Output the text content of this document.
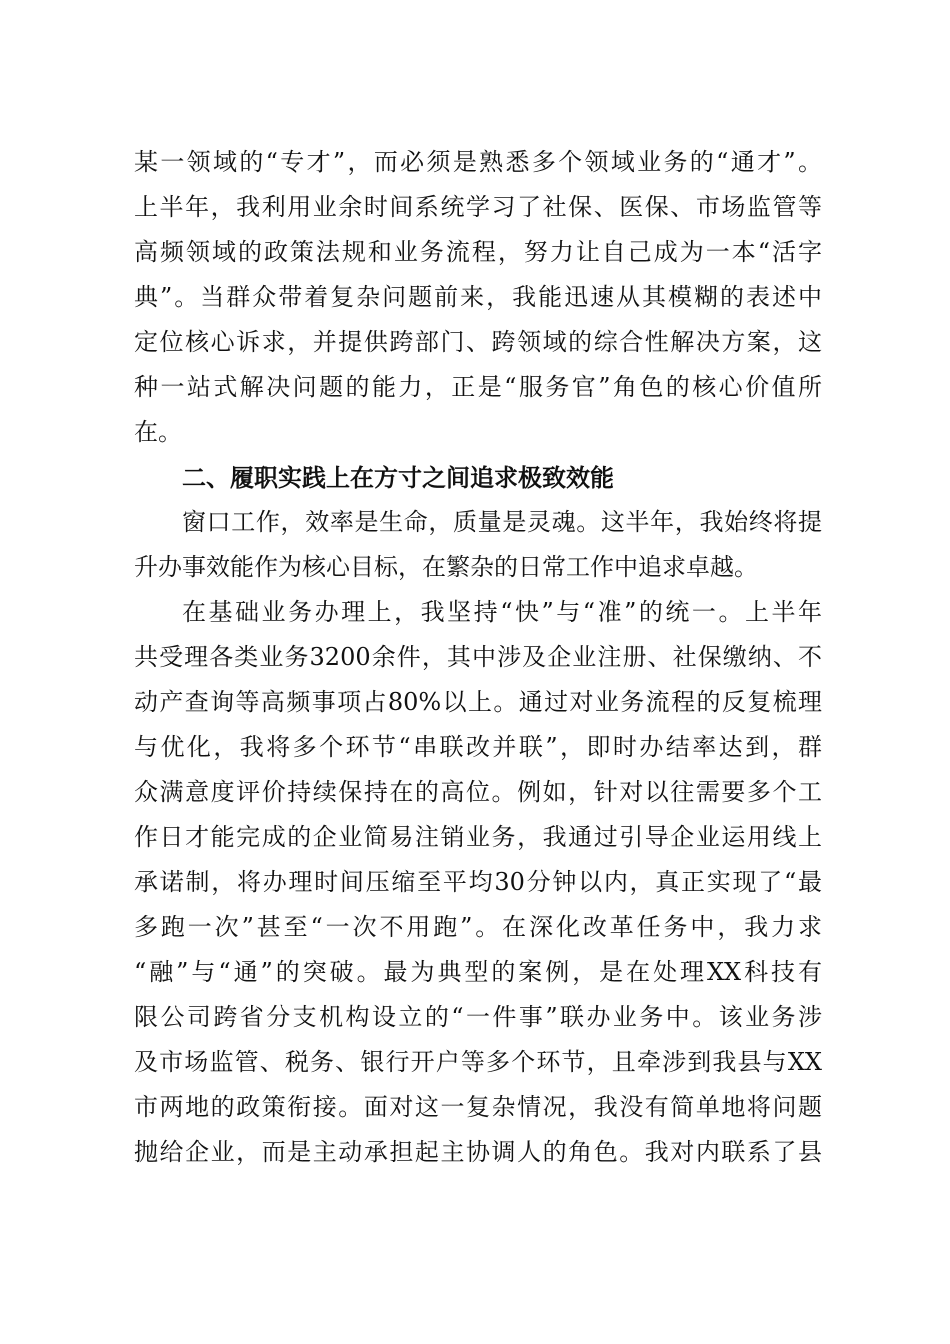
某一领域的“专才”，而必须是熟悉多个领域业务的“通才”。
上半年，我利用业余时间系统学习了社保、医保、市场监管等
高频领域的政策法规和业务流程，努力让自己成为一本“活字
典”。当群众带着复杂问题前来，我能迅速从其模糊的表述中
定位核心诉求，并提供跨部门、跨领域的综合性解决方案，这
种一站式解决问题的能力，正是“服务官”角色的核心价值所
在。
二、履职实践上在方寸之间追求极致效能
窗口工作，效率是生命，质量是灵魂。这半年，我始终将提
升办事效能作为核心目标，在繁杂的日常工作中追求卓越。
在基础业务办理上，我坚持“快”与“准”的统一。上半年
共受理各类业务3200余件，其中涉及企业注册、社保缴纳、不
动产查询等高频事项占80%以上。通过对业务流程的反复梳理
与优化，我将多个环节“串联改并联”，即时办结率达到，群
众满意度评价持续保持在的高位。例如，针对以往需要多个工
作日才能完成的企业简易注销业务，我通过引导企业运用线上
承诺制，将办理时间压缩至平均30分钟以内，真正实现了“最
多跑一次”甚至“一次不用跑”。在深化改革任务中，我力求
“融”与“通”的突破。最为典型的案例，是在处理XX科技有
限公司跨省分支机构设立的“一件事”联办业务中。该业务涉
及市场监管、税务、银行开户等多个环节，且牵涉到我县与XX
市两地的政策衔接。面对这一复杂情况，我没有简单地将问题
抛给企业，而是主动承担起主协调人的角色。我对内联系了县
